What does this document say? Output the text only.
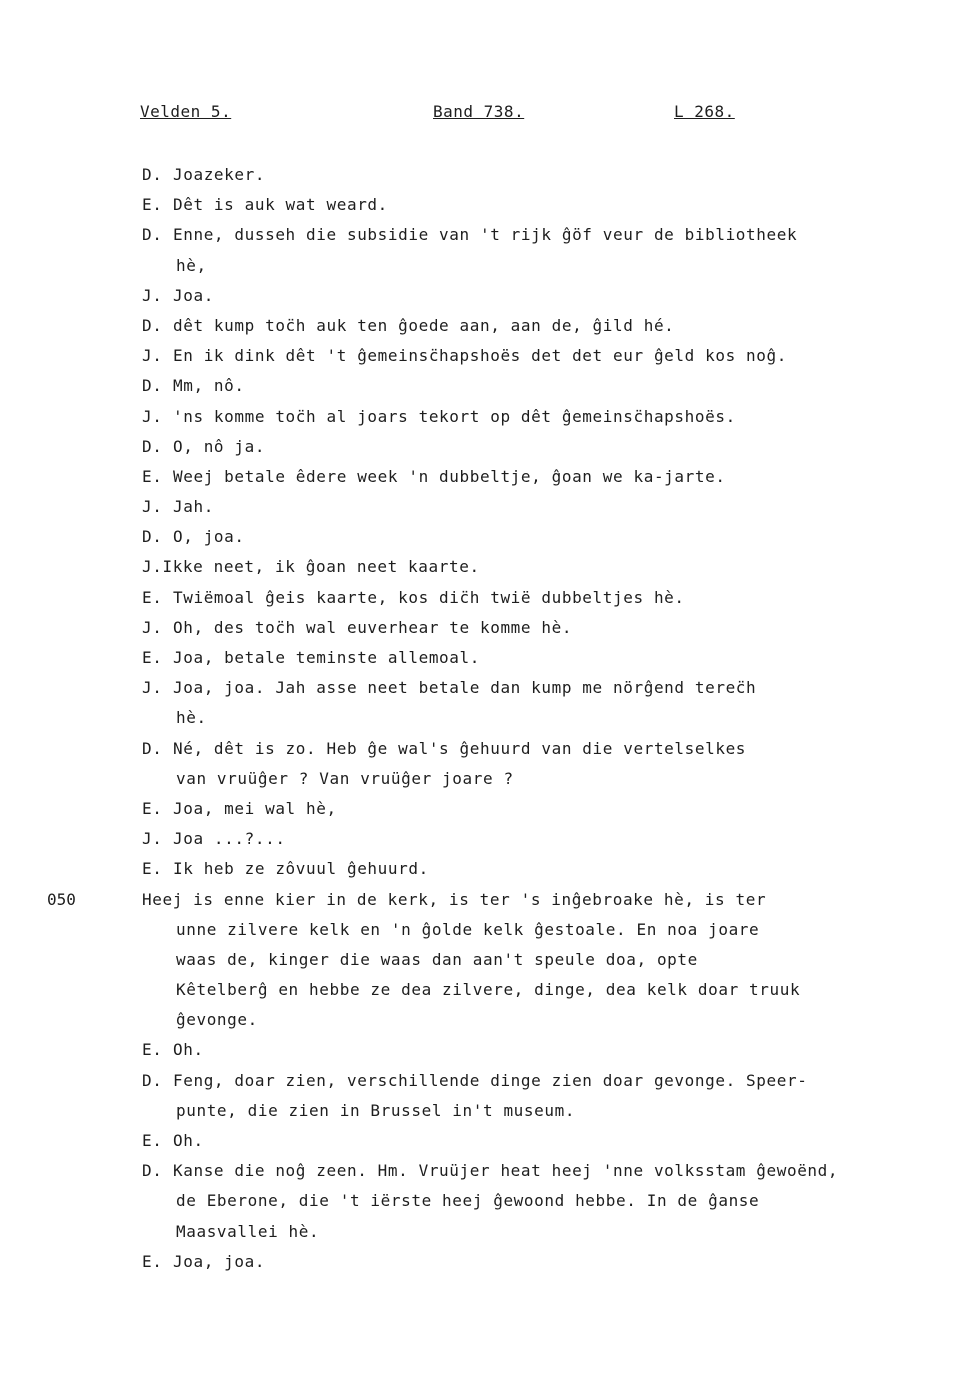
Velden 5.	Band 738.	L 268.
D. Joazeker.
E. Dêt is auk wat weard.
D. Enne, dusseh die subsidie van 't rijk ĝöf veur de bibliotheek
hè,
J. Joa.
D. dêt kump toc̈h auk ten ĝoede aan, aan de, ĝild hé.
J. En ik dink dêt 't ĝemeinsc̈hapshoës det det eur ĝeld kos noĝ.
D. Mm, nô.
J. 'ns komme toc̈h al joars tekort op dêt ĝemeinsc̈hapshoës.
D. O, nô ja.
E. Weej betale êdere week 'n dubbeltje, ĝoan we ka-jarte.
J. Jah.
D. O, joa.
J.Ikke neet, ik ĝoan neet kaarte.
E. Twiëmoal ĝeis kaarte, kos dic̈h twië dubbeltjes hè.
J. Oh, des toc̈h wal euverhear te komme hè.
E. Joa, betale teminste allemoal.
J. Joa, joa. Jah asse neet betale dan kump me nörĝend terec̈h
hè.
D. Né, dêt is zo. Heb ĝe wal's ĝehuurd van die vertelselkes
van vruüĝer ? Van vruüĝer joare ?
E. Joa, mei wal hè,
J. Joa ...?...
E. Ik heb ze zôvuul ĝehuurd.
050	Heej is enne kier in de kerk, is ter 's inĝebroake hè, is ter
unne zilvere kelk en 'n ĝolde kelk ĝestoale. En noa joare
waas de, kinger die waas dan aan't speule doa, opte
Kêtelberĝ en hebbe ze dea zilvere, dinge, dea kelk doar truuk
ĝevonge.
E. Oh.
D. Feng, doar zien, verschillende dinge zien doar gevonge. Speer-
punte, die zien in Brussel in't museum.
E. Oh.
D. Kanse die noĝ zeen. Hm. Vruüjer heat heej 'nne volksstam ĝewoënd,
de Eberone, die 't iërste heej ĝewoond hebbe. In de ĝanse
Maasvallei hè.
E. Joa, joa.
